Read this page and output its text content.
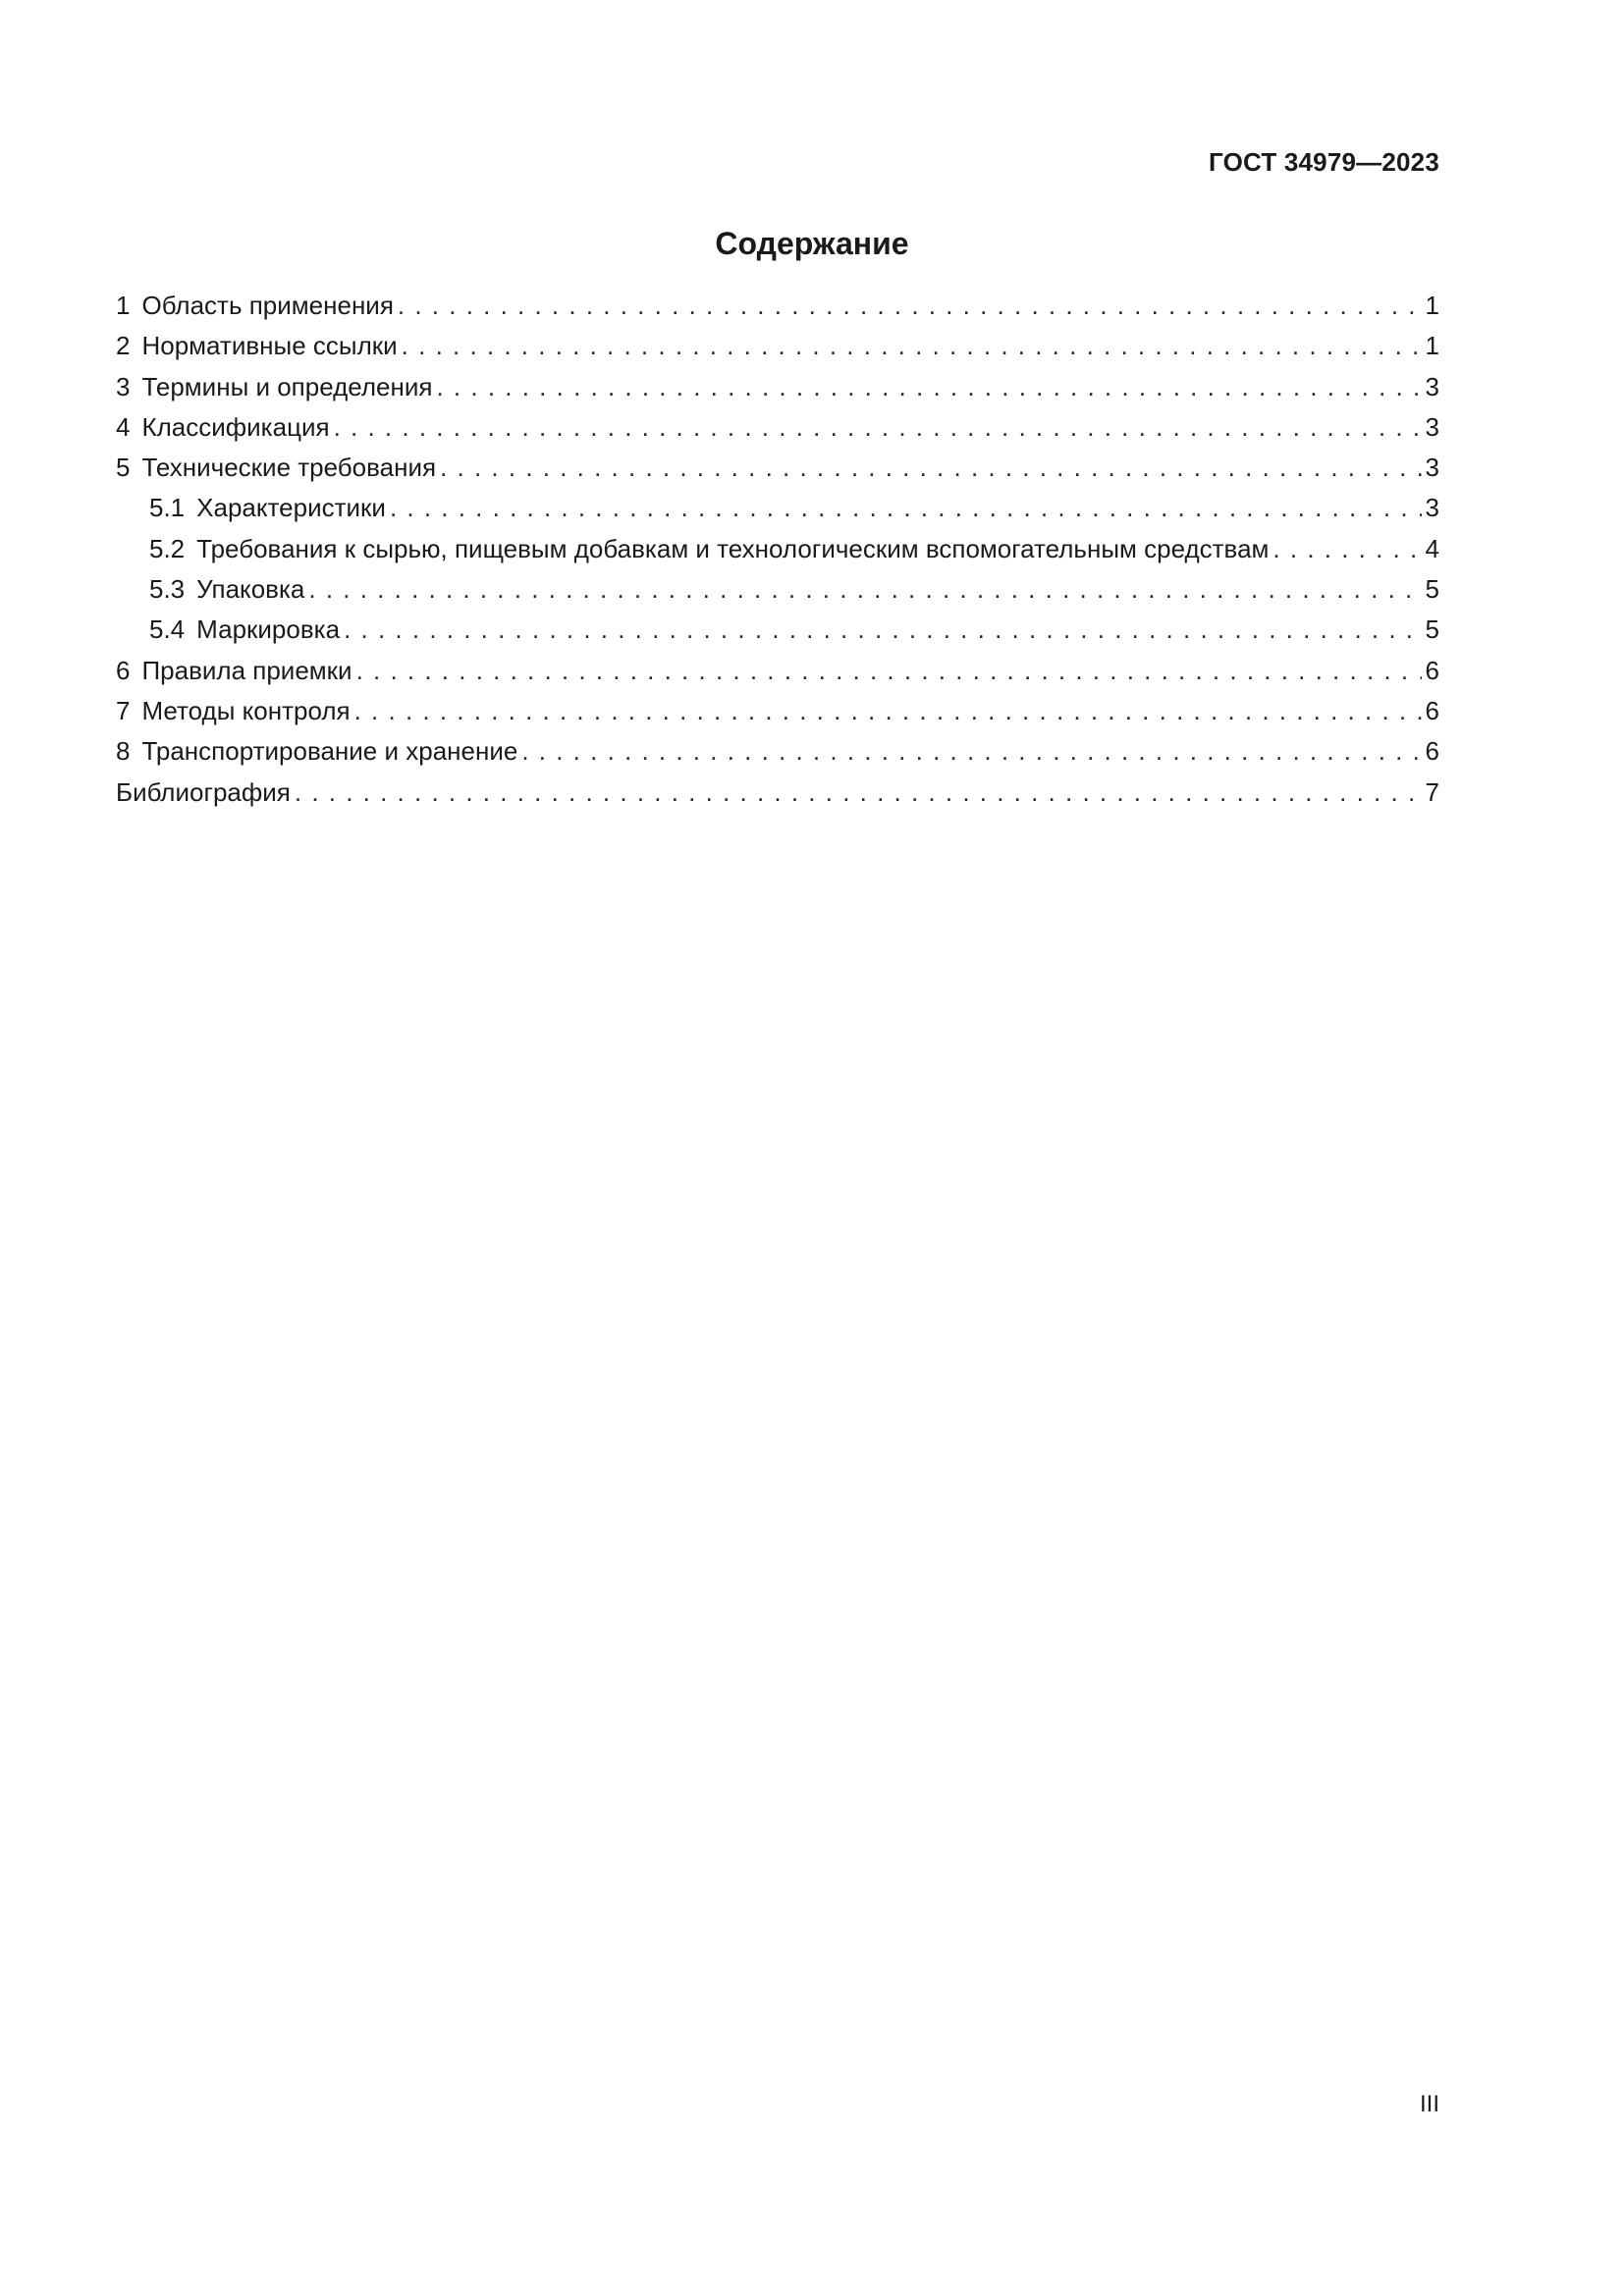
ГОСТ 34979—2023
Содержание
1 Область применения . . .	1
2 Нормативные ссылки . . .	1
3 Термины и определения . . .	3
4 Классификация . . .	3
5 Технические требования . . .	3
5.1 Характеристики . . .	3
5.2 Требования к сырью, пищевым добавкам и технологическим вспомогательным средствам . . .	4
5.3 Упаковка . . .	5
5.4 Маркировка . . .	5
6 Правила приемки . . .	6
7 Методы контроля . . .	6
8 Транспортирование и хранение . . .	6
Библиография . . .	7
III
